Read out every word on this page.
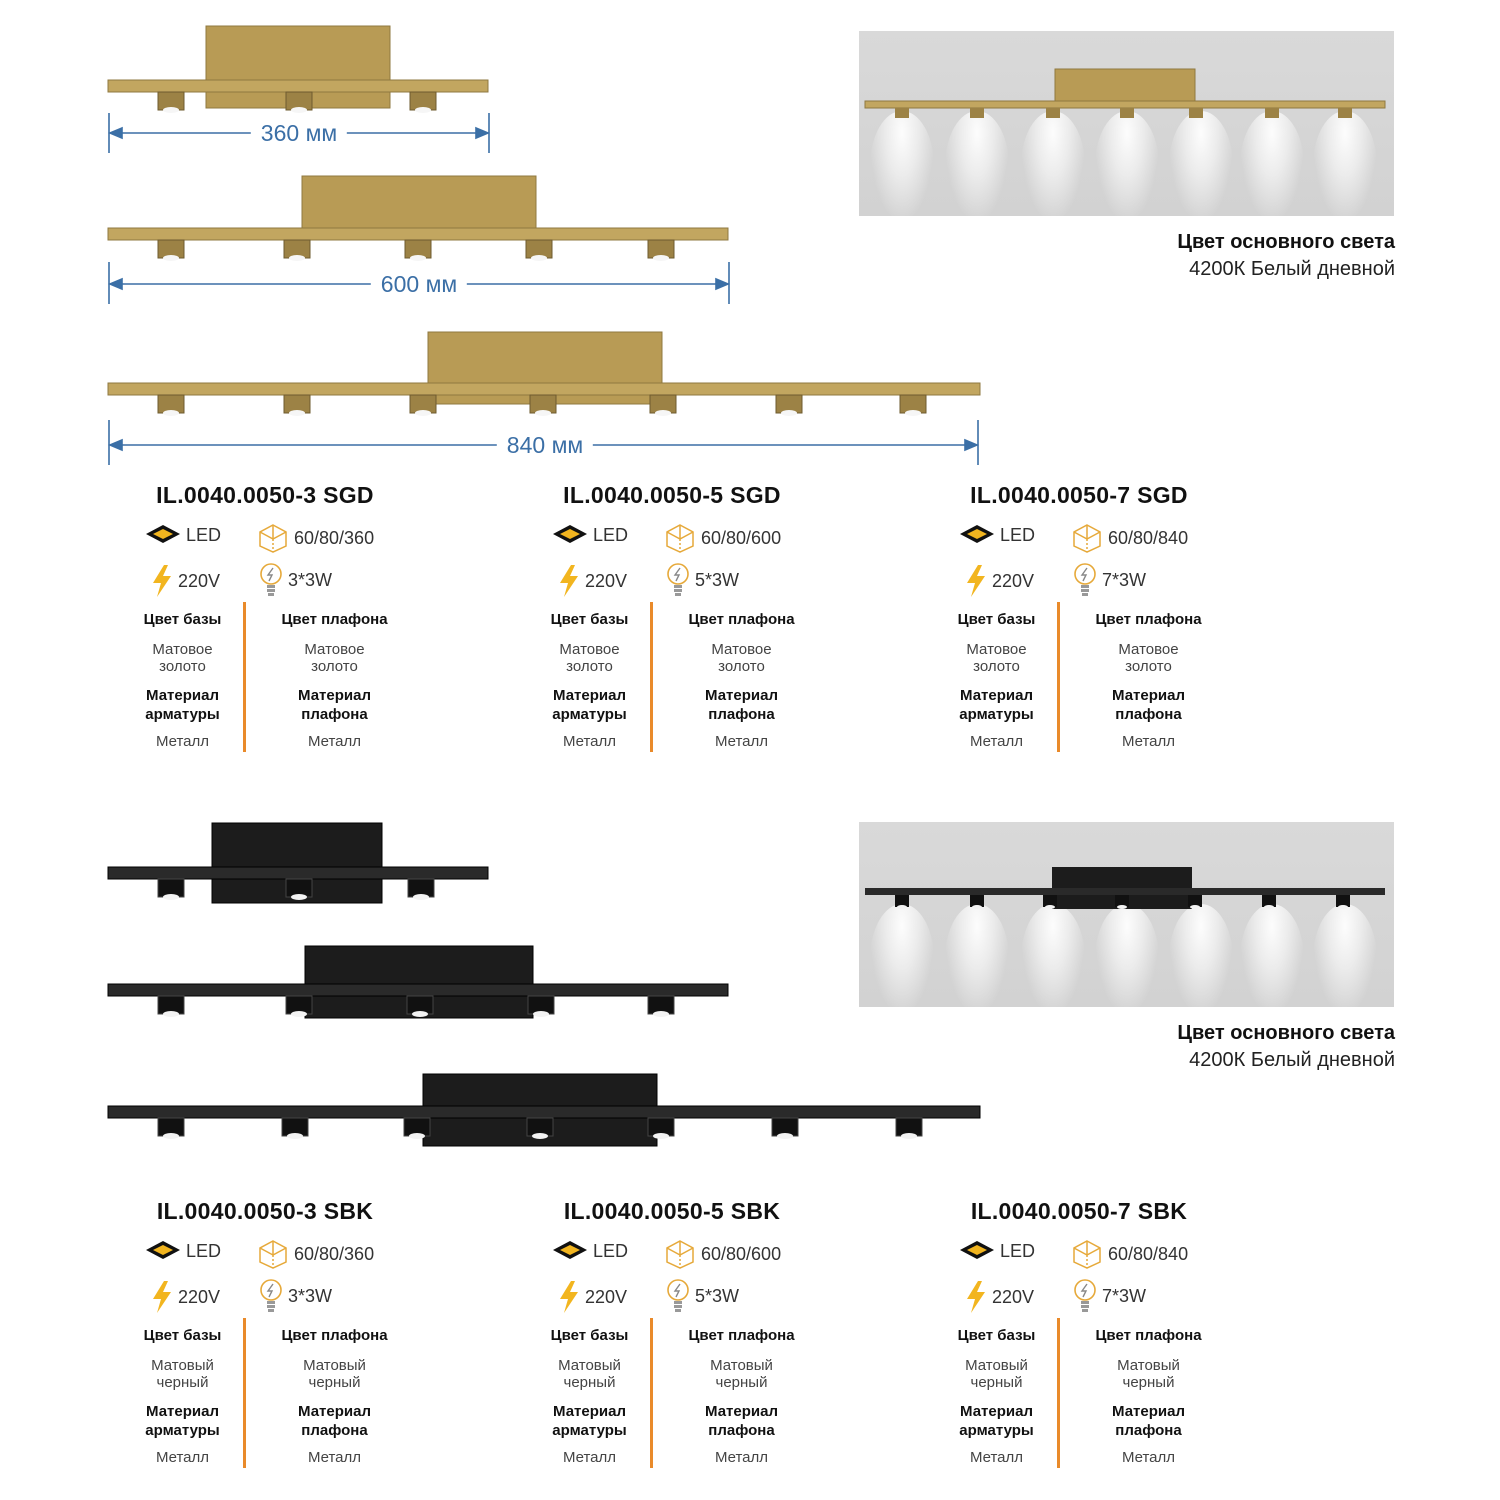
360 мм
600 мм
840 мм
Цвет основного света
4200К Белый дневной
Цвет основного света
4200К Белый дневной
IL.0040.0050-3 SGD
LED	60/80/360
220V	3*3W
Цвет базы
Матовое золото
Цвет плафона
Матовое золото
Материал арматуры
Металл
Материал плафона
Металл
IL.0040.0050-5 SGD
LED	60/80/600
220V	5*3W
Цвет базы
Матовое золото
Цвет плафона
Матовое золото
Материал арматуры
Металл
Материал плафона
Металл
IL.0040.0050-7 SGD
LED	60/80/840
220V	7*3W
Цвет базы
Матовое золото
Цвет плафона
Матовое золото
Материал арматуры
Металл
Материал плафона
Металл
IL.0040.0050-3 SBK
LED	60/80/360
220V	3*3W
Цвет базы
Матовый черный
Цвет плафона
Матовый черный
Материал арматуры
Металл
Материал плафона
Металл
IL.0040.0050-5 SBK
LED	60/80/600
220V	5*3W
Цвет базы
Матовый черный
Цвет плафона
Матовый черный
Материал арматуры
Металл
Материал плафона
Металл
IL.0040.0050-7 SBK
LED	60/80/840
220V	7*3W
Цвет базы
Матовый черный
Цвет плафона
Матовый черный
Материал арматуры
Металл
Материал плафона
Металл
